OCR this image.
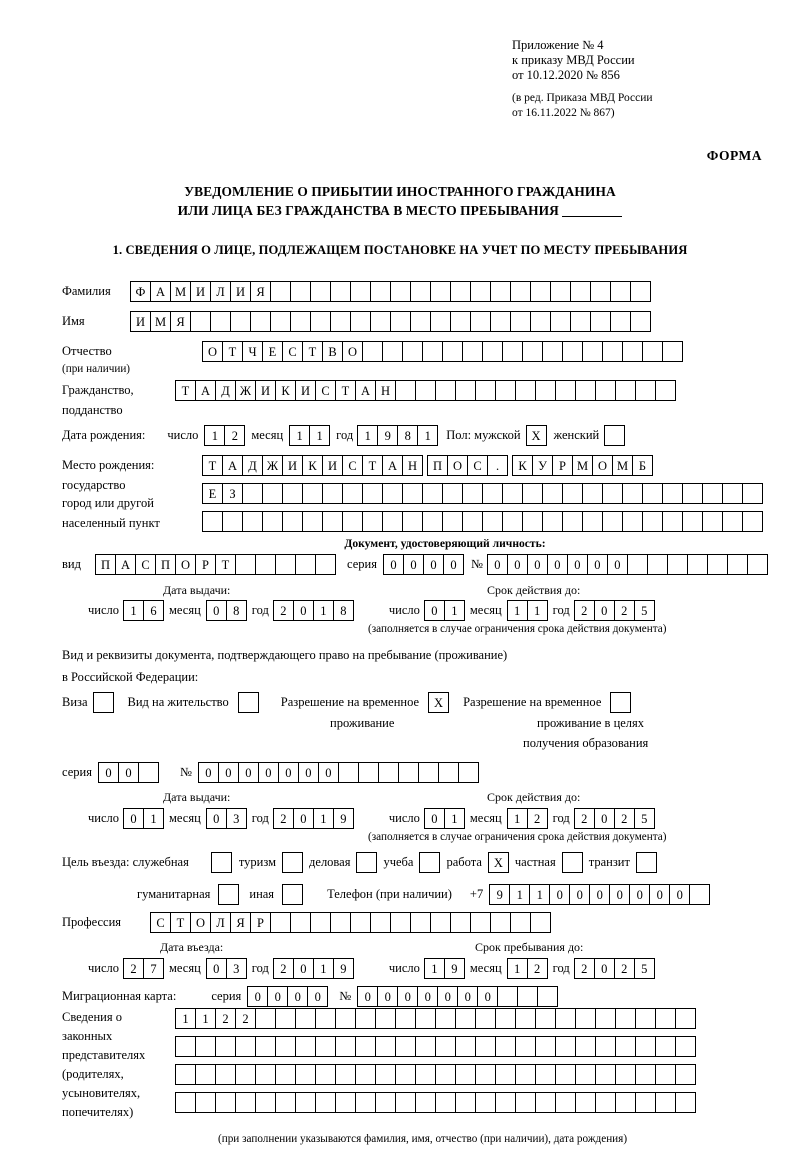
Приложение № 4
к приказу МВД России
от 10.12.2020 № 856
(в ред. Приказа МВД России
от 16.11.2022 № 867)
ФОРМА
УВЕДОМЛЕНИЕ О ПРИБЫТИИ ИНОСТРАННОГО ГРАЖДАНИНА
ИЛИ ЛИЦА БЕЗ ГРАЖДАНСТВА В МЕСТО ПРЕБЫВАНИЯ
1. СВЕДЕНИЯ О ЛИЦЕ, ПОДЛЕЖАЩЕМ ПОСТАНОВКЕ НА УЧЕТ ПО МЕСТУ ПРЕБЫВАНИЯ
Фамилия	Ф А М И Л И Я
Имя	И М Я
Отчество	О Т Ч Е С Т В О
(при наличии)
Гражданство,	Т А Д Ж И К И С Т А Н
подданство
Дата рождения: число	1	2	месяц	1	1	год 1	9	8	1	Пол: мужской X	женский
Место рождения:	Т А Д Ж И К И С Т А Н	П О С	.	К У Р М О М Б
государство
Е	З
город или другой
населенный пункт
Документ, удостоверяющий личность:
вид	П А С П О Р	Т	серия	0	0	0	0	№ 0	0	0	0	0	0	0
Дата выдачи:	Срок действия до:
число 1	6 месяц 0	8 год 2	0	1	8	число 0	1 месяц 1	1 год 2	0	2	5
(заполняется в случае ограничения срока действия документа)
Вид и реквизиты документа, подтверждающего право на пребывание (проживание)
в Российской Федерации:
Виза	Вид на жительство	Разрешение на временное	X	Разрешение на временное
проживание	проживание в целях
получения образования
серия	0	0	№	0	0	0	0	0	0	0
Дата выдачи:	Срок действия до:
число 0	1 месяц 0	3 год 2	0	1	9	число 0	1 месяц 1	2 год 2	0	2	5
(заполняется в случае ограничения срока действия документа)
Цель въезда: служебная	туризм	деловая	учеба	работа X частная	транзит
гуманитарная	иная	Телефон (при наличии) +7	9	1	1	0	0	0	0	0	0	0
Профессия	С Т О Л Я Р
Дата въезда:	Срок пребывания до:
число 2	7 месяц 0	3 год 2	0	1	9	число 1	9 месяц 1	2 год 2	0	2	5
Миграционная карта:	серия	0	0	0	0	№	0	0	0	0	0	0	0
Сведения о
законных
представителях
(родителях,
усыновителях,
попечителях)
1	1	2	2
(при заполнении указываются фамилия, имя, отчество (при наличии), дата рождения)
